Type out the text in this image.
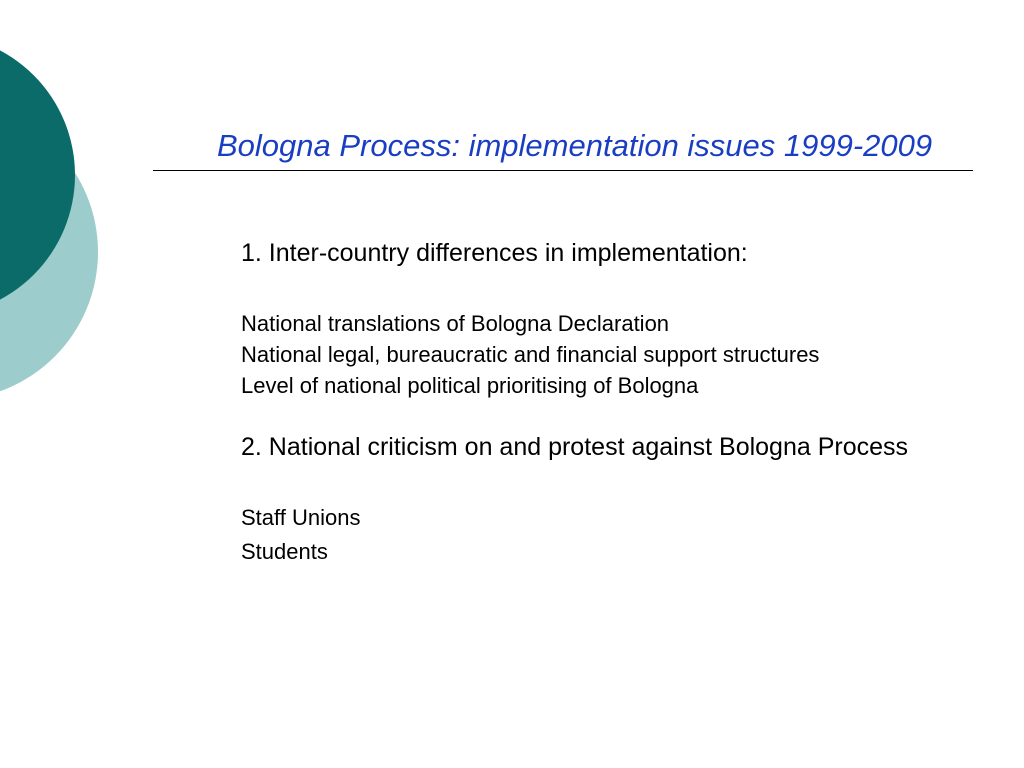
Bologna Process: implementation issues 1999-2009
1. Inter-country differences in implementation:
National translations of Bologna Declaration
National legal, bureaucratic and financial support structures
Level of national political prioritising of Bologna
2. National criticism on and protest against Bologna Process
Staff Unions
Students
